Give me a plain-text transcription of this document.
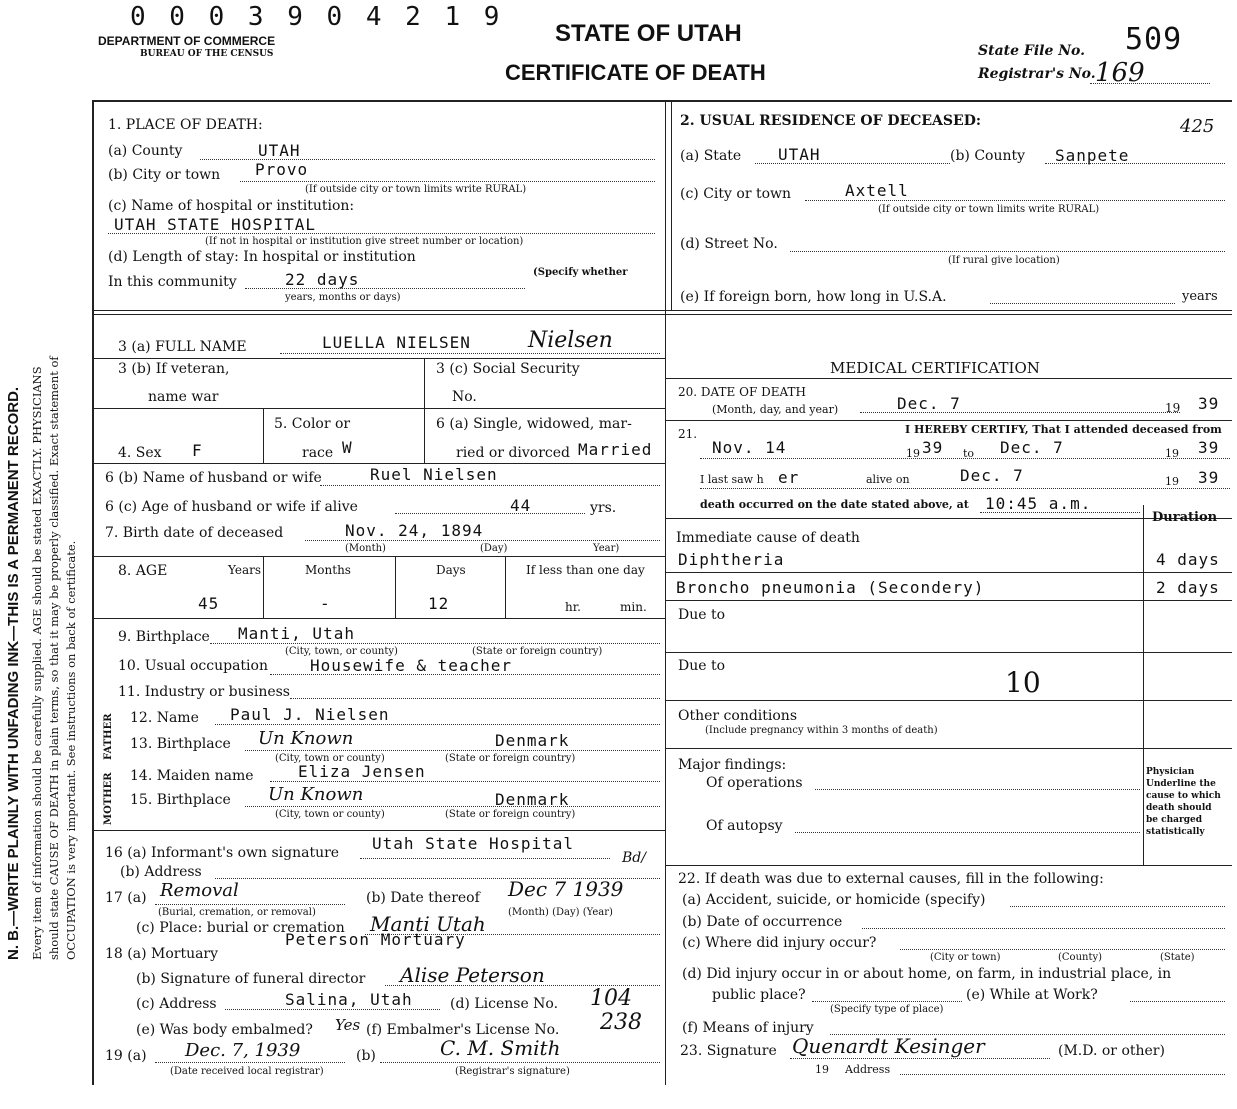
N. B.—WRITE PLAINLY WITH UNFADING INK—THIS IS A PERMANENT RECORD. Every item of information should be carefully supplied. AGE should be stated EXACTLY. PHYSICIANS should state CAUSE OF DEATH in plain terms, so that it may be properly classified. Exact statement of OCCUPATION is very important. See instructions on back of certificate.
0 0 0 3 9 0 4 2 1 9
DEPARTMENT OF COMMERCE
BUREAU OF THE CENSUS
STATE OF UTAH
CERTIFICATE OF DEATH
State File No. 509
Registrar's No. 169
1. PLACE OF DEATH:
(a) County	UTAH
(b) City or town Provo
(If outside city or town limits write RURAL)
(c) Name of hospital or institution:
UTAH STATE HOSPITAL
(If not in hospital or institution give street number or location)
(d) Length of stay: In hospital or institution
In this community	22 days	(Specify whether
years, months or days)
2. USUAL RESIDENCE OF DECEASED:	425
(a) State UTAH	(b) County Sanpete
(c) City or town	Axtell
(If outside city or town limits write RURAL)
(d) Street No.
(If rural give location)
(e) If foreign born, how long in U.S.A.	years
3 (a) FULL NAME	LUELLA NIELSEN	Nielsen
3 (b) If veteran,
name war
3 (c) Social Security
No.
4. Sex F
5. Color or
race W
6 (a) Single, widowed, mar-
ried or divorced Married
6 (b) Name of husband or wife	Ruel Nielsen
6 (c) Age of husband or wife if alive	44	yrs.
7. Birth date of deceased	Nov. 24, 1894
(Month)	(Day)	Year)
8. AGE	Years	Months	Days	If less than one day
45	-	12	hr.	min.
9. Birthplace Manti, Utah
(City, town, or county)	(State or foreign country)
10. Usual occupation	Housewife & teacher
11. Industry or business
FATHER
MOTHER
12. Name Paul J. Nielsen
13. Birthplace Un Known	Denmark
(City, town or county)	(State or foreign country)
14. Maiden name	Eliza Jensen
15. Birthplace Un Known	Denmark
(City, town or county)	(State or foreign country)
16 (a) Informant's own signature Utah State Hospital
Bd/
(b) Address
17 (a) Removal
(Burial, cremation, or removal)
(b) Date thereof Dec 7 1939
(Month) (Day) (Year)
(c) Place: burial or cremation Manti Utah
18 (a) Mortuary
Peterson Mortuary
(b) Signature of funeral director Alise Peterson
(c) Address	Salina, Utah	(d) License No. 104
(e) Was body embalmed? Yes (f) Embalmer's License No. 238
19 (a) Dec. 7, 1939
(Date received local registrar)
(b)	C. M. Smith
(Registrar's signature)
MEDICAL CERTIFICATION
20. DATE OF DEATH
(Month, day, and year)	Dec. 7	19 39
21.	I HEREBY CERTIFY, That I attended deceased from
Nov. 14	19 39 to Dec. 7	19 39
I last saw h er	alive on	Dec. 7	19 39
death occurred on the date stated above, at 10:45 a.m.
Duration
Immediate cause of death
Diphtheria	4 days
Broncho pneumonia (Secondery)	2 days
Due to
Due to	10
Other conditions
(Include pregnancy within 3 months of death)
Major findings:
Of operations
Of autopsy
Physician Underline the cause to which death should be charged statistically
22. If death was due to external causes, fill in the following:
(a) Accident, suicide, or homicide (specify)
(b) Date of occurrence
(c) Where did injury occur?
(City or town)	(County)	(State)
(d) Did injury occur in or about home, on farm, in industrial place, in
public place?	(e) While at Work?
(Specify type of place)
(f) Means of injury
23. Signature Quenardt Kesinger	(M.D. or other)
19 Address
